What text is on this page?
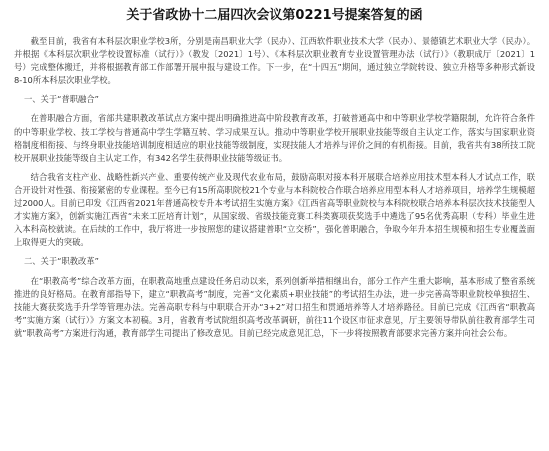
关于省政协十二届四次会议第0221号提案答复的函

截至目前，我省有本科层次职业学校3所，分别是南昌职业大学（民办）、江西软件职业技术大学（民办）、景德镇艺术职业大学（民办）。并根据《本科层次职业学校设置标准（试行）》（教发〔2021〕1号）、《本科层次职业教育专业设置管理办法（试行）》（教职成厅〔2021〕1号）完成整体搬迁，并将根据教育部工作部署开展申报与建设工作。下一步，在“十四五”期间，通过独立学院转设、独立升格等多种形式新设8-10所本科层次职业学校。

一、关于“普职融合”

在普职融合方面，省部共建职教改革试点方案中提出明确推进高中阶段教育改革，打破普通高中和中等职业学校学籍限制，允许符合条件的中等职业学校、技工学校与普通高中学生学籍互转、学习成果互认。推动中等职业学校开展职业技能等级自主认定工作，落实与国家职业资格制度相衔接、与终身职业技能培训制度相适应的职业技能等级制度，实现技能人才培养与评价之间的有机衔接。目前，我省共有38所技工院校开展职业技能等级自主认定工作，有342名学生获得职业技能等级证书。

结合我省支柱产业、战略性新兴产业、重要传统产业及现代农业布局，鼓励高职对接本科开展联合培养应用技术型本科人才试点工作，联合开设针对性强、衔接紧密的专业课程。至今已有15所高职院校21个专业与本科院校合作联合培养应用型本科人才培养项目，培养学生规模超过2000人。目前已印发《江西省2021年普通高校专升本考试招生实施方案》《江西省高等职业院校与本科院校联合培养本科层次技术技能型人才实施方案》，创新实施江西省“未来工匠培育计划”，从国家级、省级技能竞赛工科类赛项获奖选手中遴选了95名优秀高职（专科）毕业生进入本科高校就读。在后续的工作中，我厅将进一步按照您的建议搭建普职“立交桥”，强化普职融合，争取今年升本招生规模和招生专业覆盖面上取得更大的突破。

二、关于“职教改革”

在“职教高考”综合改革方面，在职教高地重点建设任务启动以来，系列创新举措相继出台，部分工作产生重大影响，基本形成了整省系统推进的良好格局。在教育部指导下，建立“职教高考”制度，完善“文化素质+职业技能”的考试招生办法，进一步完善高等职业院校单独招生、技能大赛获奖选手升学等管理办法。完善高职专科与中职联合开办“3+2”对口招生和贯通培养等人才培养路径。目前已完成《江西省“职教高考”实施方案（试行）》方案文本初稿。3月，省教育考试院组织高考改革调研，前往11个设区市征求意见，厅主要领导带队前往教育部学生司就“职教高考”方案进行沟通，教育部学生司提出了修改意见。目前已经完成意见汇总，下一步将按照教育部要求完善方案并向社会公布。
